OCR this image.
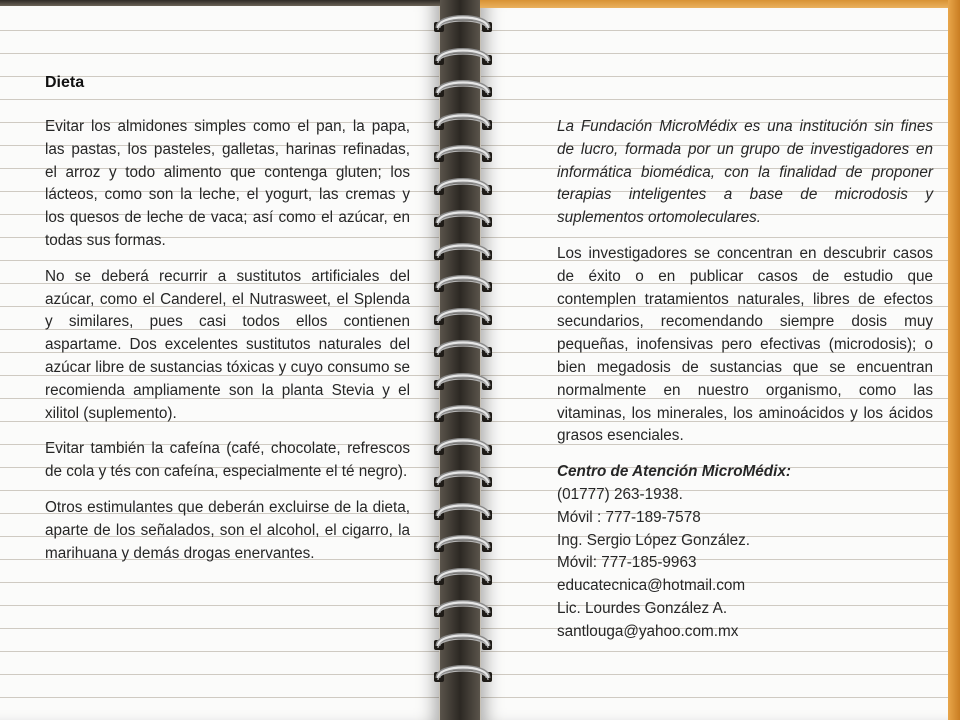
Dieta

Evitar los almidones simples como el pan, la papa, las pastas, los pasteles, galletas, harinas refinadas, el arroz y todo alimento que contenga gluten; los lácteos, como son la leche, el yogurt, las cremas y los quesos de leche de vaca; así como el azúcar, en todas sus formas.

No se deberá recurrir a sustitutos artificiales del azúcar, como el Canderel, el Nutrasweet, el Splenda y similares, pues casi todos ellos contienen aspartame. Dos excelentes sustitutos naturales del azúcar libre de sustancias tóxicas y cuyo consumo se recomienda ampliamente son la planta Stevia y el xilitol (suplemento).

Evitar también la cafeína (café, chocolate, refrescos de cola y tés con cafeína, especialmente el té negro).

Otros estimulantes que deberán excluirse de la dieta, aparte de los señalados, son el alcohol, el cigarro, la marihuana y demás drogas enervantes.

La Fundación MicroMédix es una institución sin fines de lucro, formada por un grupo de investigadores en informática biomédica, con la finalidad de proponer terapias inteligentes a base de microdosis y suplementos ortomoleculares.

Los investigadores se concentran en descubrir casos de éxito o en publicar casos de estudio que contemplen tratamientos naturales, libres de efectos secundarios, recomendando siempre dosis muy pequeñas, inofensivas pero efectivas (microdosis); o bien megadosis de sustancias que se encuentran normalmente en nuestro organismo, como las vitaminas, los minerales, los aminoácidos y los ácidos grasos esenciales.

Centro de Atención MicroMédix:
(01777) 263-1938.
Móvil : 777-189-7578
Ing. Sergio López González.
Móvil: 777-185-9963
educatecnica@hotmail.com
Lic. Lourdes González A.
santlouga@yahoo.com.mx
